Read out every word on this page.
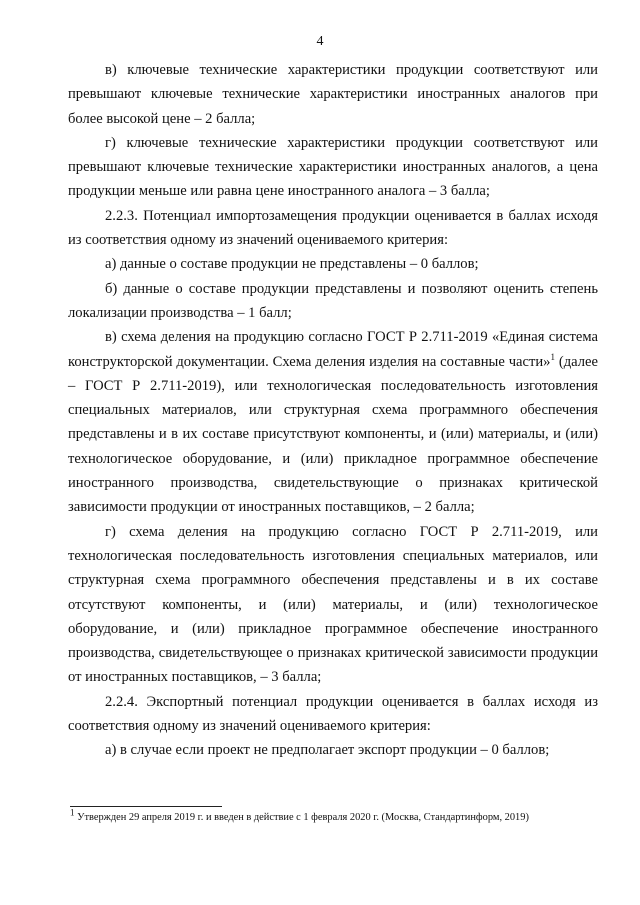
4

в) ключевые технические характеристики продукции соответствуют или превышают ключевые технические характеристики иностранных аналогов при более высокой цене – 2 балла;

г) ключевые технические характеристики продукции соответствуют или превышают ключевые технические характеристики иностранных аналогов, а цена продукции меньше или равна цене иностранного аналога – 3 балла;

2.2.3. Потенциал импортозамещения продукции оценивается в баллах исходя из соответствия одному из значений оцениваемого критерия:

а) данные о составе продукции не представлены – 0 баллов;

б) данные о составе продукции представлены и позволяют оценить степень локализации производства – 1 балл;

в) схема деления на продукцию согласно ГОСТ Р 2.711-2019 «Единая система конструкторской документации. Схема деления изделия на составные части»$^1$ (далее – ГОСТ Р 2.711-2019), или технологическая последовательность изготовления специальных материалов, или структурная схема программного обеспечения представлены и в их составе присутствуют компоненты, и (или) материалы, и (или) технологическое оборудование, и (или) прикладное программное обеспечение иностранного производства, свидетельствующие о признаках критической зависимости продукции от иностранных поставщиков, – 2 балла;

г) схема деления на продукцию согласно ГОСТ Р 2.711-2019, или технологическая последовательность изготовления специальных материалов, или структурная схема программного обеспечения представлены и в их составе отсутствуют компоненты, и (или) материалы, и (или) технологическое оборудование, и (или) прикладное программное обеспечение иностранного производства, свидетельствующее о признаках критической зависимости продукции от иностранных поставщиков, – 3 балла;

2.2.4. Экспортный потенциал продукции оценивается в баллах исходя из соответствия одному из значений оцениваемого критерия:

а) в случае если проект не предполагает экспорт продукции – 0 баллов;

$^1$ Утвержден 29 апреля 2019 г. и введен в действие с 1 февраля 2020 г. (Москва, Стандартинформ, 2019)
